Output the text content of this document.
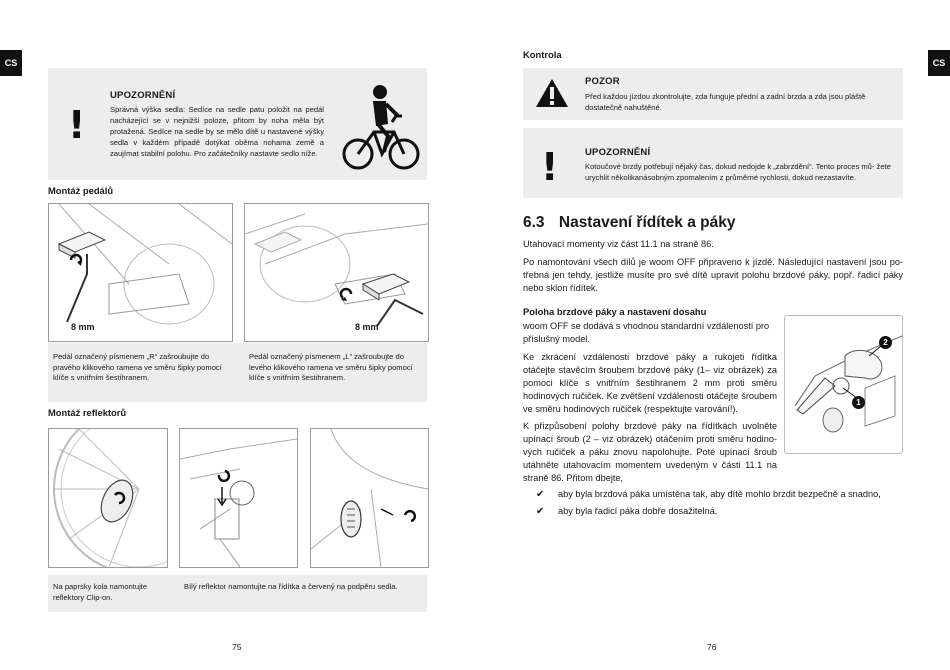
CS
!
UPOZORNĚNÍ
Správná výška sedla: Sedíce na sedle patu položit na pedál nacházející se v nejnižší poloze, přitom by noha měla být protažená. Sedíce na sedle by se mělo dítě u nastavené výšky sedla v každém případě dotýkat oběma nohama země a zaujímat stabilní polohu. Pro začátečníky nastavte sedlo níže.
Montáž pedálů
8 mm	8 mm
Pedál označený písmenem „R“ zašroubujte do pravého klikového ramena ve směru šipky pomocí klíče s vnitřním šestihranem.
Pedál označený písmenem „L“ zašroubujte do levého klikového ramena ve směru šipky pomocí klíče s vnitřním šestihranem.
Montáž reflektorů
Na paprsky kola namontujte reflektory Clip-on.
Bílý reflektor namontujte na řídítka a červený na podpěru sedla.
75
CS
Kontrola
POZOR
Před každou jízdou zkontrolujte, zda funguje přední a zadní brzda a zda jsou pláště dostatečně nahuštěné.
!	UPOZORNĚNÍ
Kotoučové brzdy potřebují nějaký čas, dokud nedojde k „zabrzdění“. Tento proces mů- žete urychlit několikanásobným zpomalením z průměrné rychlosti, dokud nezastavíte.
6.3 Nastavení řídítek a páky
Utahovací momenty viz část 11.1 na straně 86.
Po namontování všech dílů je woom OFF připraveno k jízdě. Následující nastavení jsou po- třebná jen tehdy, jestliže musíte pro své dítě upravit polohu brzdové páky, popř. řadicí páky nebo sklon řídítek.
Poloha brzdové páky a nastavení dosahu
woom OFF se dodává s vhodnou standardní vzdáleností pro příslušný model.
Ke zkrácení vzdálenosti brzdové páky a rukojeti řídítka otáčejte stavěcím šroubem brzdové páky (1– viz obrázek) za pomoci klíče s vnitřním šestihranem 2 mm proti směru hodinových ručiček. Ke zvětšení vzdálenosti otáčejte šroubem ve směru hodinových ručiček (respektujte varování!).
K přizpůsobení polohy brzdové páky na řídítkách uvolněte upínací šroub (2 – viz obrázek) otáčením proti směru hodino- vých ručiček a páku znovu napolohujte. Poté upínací šroub utáhněte utahovacím momentem uvedeným v části 11.1 na straně 86. Přitom dbejte,
1
2
✔	aby byla brzdová páka umístěna tak, aby dítě mohlo brzdit bezpečně a snadno,
✔	aby byla řadicí páka dobře dosažitelná.
76
